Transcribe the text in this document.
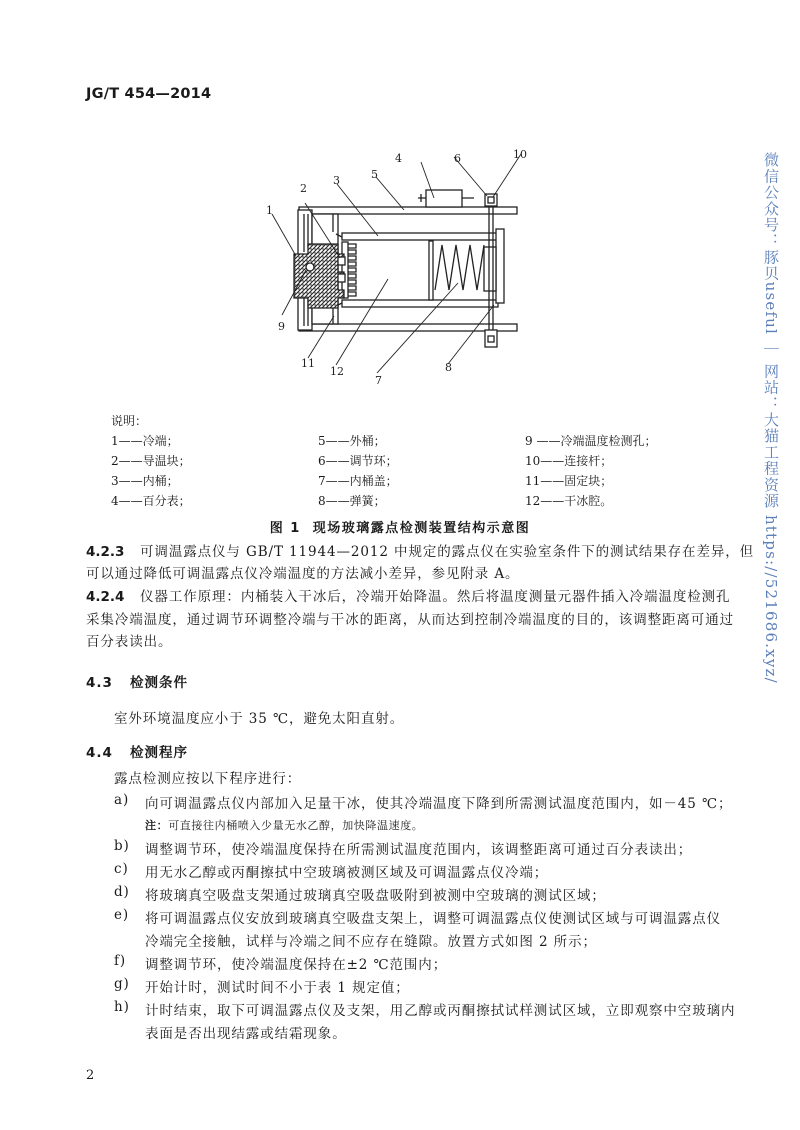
JG/T 454—2014
1
2
3	5
4	6	10
9
11
12
7
8
说明：
1——冷端；
2——导温块；
3——内桶；
4——百分表；
5——外桶；
6——调节环；
7——内桶盖；
8——弹簧；
9 ——冷端温度检测孔；
10——连接杆；
11——固定块；
12——干冰腔。
图 1 现场玻璃露点检测装置结构示意图
4.2.3 可调温露点仪与 GB/T 11944—2012 中规定的露点仪在实验室条件下的测试结果存在差异，但
可以通过降低可调温露点仪冷端温度的方法减小差异，参见附录 A。
4.2.4 仪器工作原理：内桶装入干冰后，冷端开始降温。然后将温度测量元器件插入冷端温度检测孔
采集冷端温度，通过调节环调整冷端与干冰的距离，从而达到控制冷端温度的目的，该调整距离可通过
百分表读出。
4.3 检测条件
室外环境温度应小于 35 ℃，避免太阳直射。
4.4 检测程序
露点检测应按以下程序进行：
a) 向可调温露点仪内部加入足量干冰，使其冷端温度下降到所需测试温度范围内，如－45 ℃；
注：可直接往内桶喷入少量无水乙醇，加快降温速度。
b) 调整调节环，使冷端温度保持在所需测试温度范围内，该调整距离可通过百分表读出；
c) 用无水乙醇或丙酮擦拭中空玻璃被测区域及可调温露点仪冷端；
d) 将玻璃真空吸盘支架通过玻璃真空吸盘吸附到被测中空玻璃的测试区域；
e) 将可调温露点仪安放到玻璃真空吸盘支架上，调整可调温露点仪使测试区域与可调温露点仪
冷端完全接触，试样与冷端之间不应存在缝隙。放置方式如图 2 所示；
f) 调整调节环，使冷端温度保持在±2 ℃范围内；
g) 开始计时，测试时间不小于表 1 规定值；
h) 计时结束，取下可调温露点仪及支架，用乙醇或丙酮擦拭试样测试区域，立即观察中空玻璃内
表面是否出现结露或结霜现象。
2
微信公众号：豚贝useful ｜ 网站：大猫工程资源 https://521686.xyz/
